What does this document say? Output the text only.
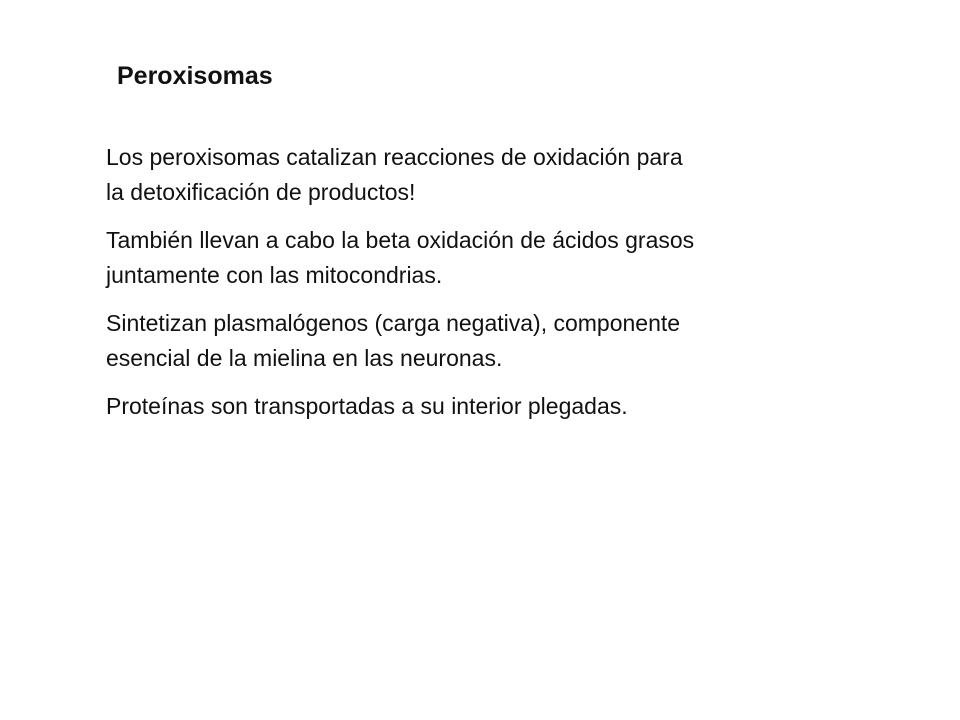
Peroxisomas

Los peroxisomas catalizan reacciones de oxidación para
la detoxificación de productos!

También llevan a cabo la beta oxidación de ácidos grasos
juntamente con las mitocondrias.

Sintetizan plasmalógenos (carga negativa), componente
esencial de la mielina en las neuronas.

Proteínas son transportadas a su interior plegadas.
